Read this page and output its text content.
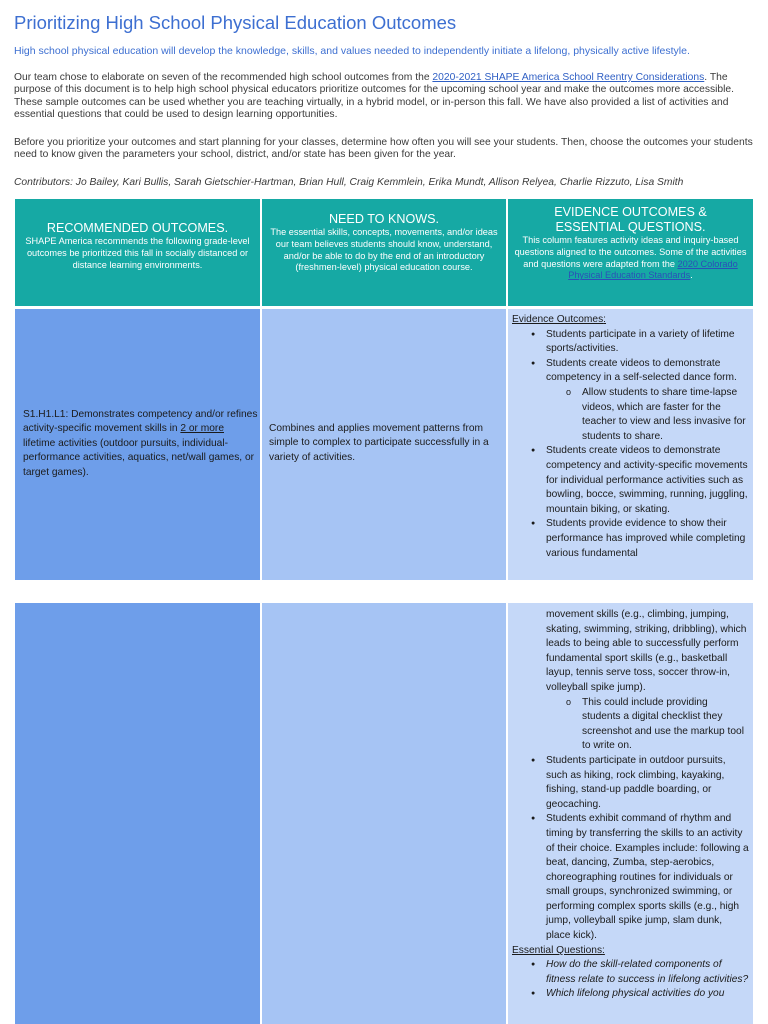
Prioritizing High School Physical Education Outcomes
High school physical education will develop the knowledge, skills, and values needed to independently initiate a lifelong, physically active lifestyle.
Our team chose to elaborate on seven of the recommended high school outcomes from the 2020-2021 SHAPE America School Reentry Considerations. The purpose of this document is to help high school physical educators prioritize outcomes for the upcoming school year and make the outcomes more accessible. These sample outcomes can be used whether you are teaching virtually, in a hybrid model, or in-person this fall. We have also provided a list of activities and essential questions that could be used to design learning opportunities.
Before you prioritize your outcomes and start planning for your classes, determine how often you will see your students. Then, choose the outcomes your students need to know given the parameters your school, district, and/or state has been given for the year.
Contributors: Jo Bailey, Kari Bullis, Sarah Gietschier-Hartman, Brian Hull, Craig Kemmlein, Erika Mundt, Allison Relyea, Charlie Rizzuto, Lisa Smith
RECOMMENDED OUTCOMES.
SHAPE America recommends the following grade-level outcomes be prioritized this fall in socially distanced or distance learning environments.
NEED TO KNOWS.
The essential skills, concepts, movements, and/or ideas our team believes students should know, understand, and/or be able to do by the end of an introductory (freshmen-level) physical education course.
EVIDENCE OUTCOMES &
ESSENTIAL QUESTIONS.
This column features activity ideas and inquiry-based questions aligned to the outcomes. Some of the activities and questions were adapted from the 2020 Colorado Physical Education Standards.
S1.H1.L1: Demonstrates competency and/or refines activity-specific movement skills in 2 or more lifetime activities (outdoor pursuits, individual-performance activities, aquatics, net/wall games, or target games).
Combines and applies movement patterns from simple to complex to participate successfully in a variety of activities.
Evidence Outcomes:
● Students participate in a variety of lifetime sports/activities.
● Students create videos to demonstrate competency in a self-selected dance form.
o Allow students to share time-lapse videos, which are faster for the teacher to view and less invasive for students to share.
● Students create videos to demonstrate competency and activity-specific movements for individual performance activities such as bowling, bocce, swimming, running, juggling, mountain biking, or skating.
● Students provide evidence to show their performance has improved while completing various fundamental
movement skills (e.g., climbing, jumping, skating, swimming, striking, dribbling), which leads to being able to successfully perform fundamental sport skills (e.g., basketball layup, tennis serve toss, soccer throw-in, volleyball spike jump).
o This could include providing students a digital checklist they screenshot and use the markup tool to write on.
● Students participate in outdoor pursuits, such as hiking, rock climbing, kayaking, fishing, stand-up paddle boarding, or geocaching.
● Students exhibit command of rhythm and timing by transferring the skills to an activity of their choice. Examples include: following a beat, dancing, Zumba, step-aerobics, choreographing routines for individuals or small groups, synchronized swimming, or performing complex sports skills (e.g., high jump, volleyball spike jump, slam dunk, place kick).
Essential Questions:
● How do the skill-related components of fitness relate to success in lifelong activities?
● Which lifelong physical activities do you
